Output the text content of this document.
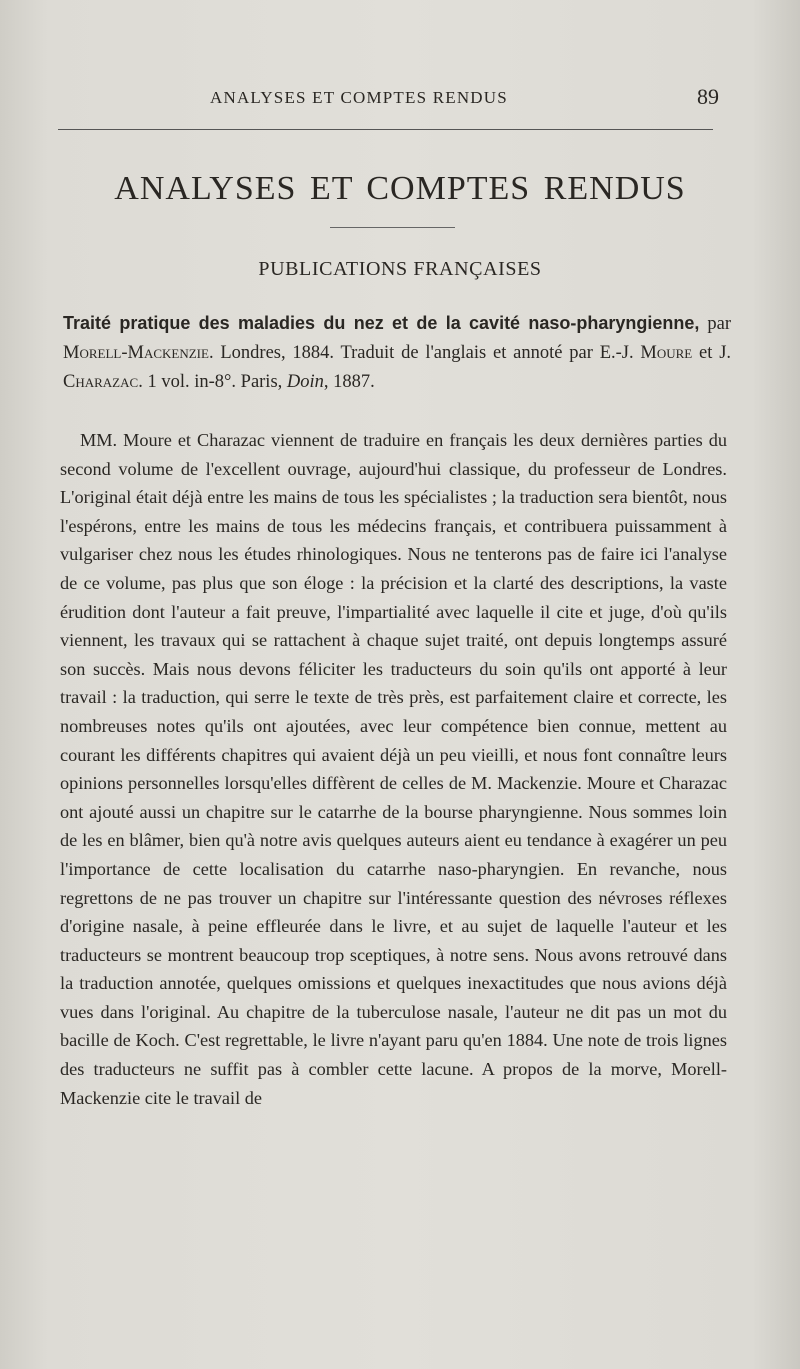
ANALYSES ET COMPTES RENDUS	89
ANALYSES ET COMPTES RENDUS
PUBLICATIONS FRANÇAISES
Traité pratique des maladies du nez et de la cavité naso-pharyngienne, par Morell-Mackenzie. Londres, 1884. Traduit de l'anglais et annoté par E.-J. Moure et J. Charazac. 1 vol. in-8°. Paris, Doin, 1887.

MM. Moure et Charazac viennent de traduire en français les deux dernières parties du second volume de l'excellent ouvrage, aujourd'hui classique, du professeur de Londres. L'original était déjà entre les mains de tous les spécialistes ; la traduction sera bientôt, nous l'espérons, entre les mains de tous les médecins français, et contribuera puissamment à vulgariser chez nous les études rhinologiques. Nous ne tenterons pas de faire ici l'analyse de ce volume, pas plus que son éloge : la précision et la clarté des descriptions, la vaste érudition dont l'auteur a fait preuve, l'impartialité avec laquelle il cite et juge, d'où qu'ils viennent, les travaux qui se rattachent à chaque sujet traité, ont depuis longtemps assuré son succès. Mais nous devons féliciter les traducteurs du soin qu'ils ont apporté à leur travail : la traduction, qui serre le texte de très près, est parfaitement claire et correcte, les nombreuses notes qu'ils ont ajoutées, avec leur compétence bien connue, mettent au courant les différents chapitres qui avaient déjà un peu vieilli, et nous font connaître leurs opinions personnelles lorsqu'elles diffèrent de celles de M. Mackenzie. Moure et Charazac ont ajouté aussi un chapitre sur le catarrhe de la bourse pharyngienne. Nous sommes loin de les en blâmer, bien qu'à notre avis quelques auteurs aient eu tendance à exagérer un peu l'importance de cette localisation du catarrhe naso-pharyngien. En revanche, nous regrettons de ne pas trouver un chapitre sur l'intéressante question des névroses réflexes d'origine nasale, à peine effleurée dans le livre, et au sujet de laquelle l'auteur et les traducteurs se montrent beaucoup trop sceptiques, à notre sens. Nous avons retrouvé dans la traduction annotée, quelques omissions et quelques inexactitudes que nous avions déjà vues dans l'original. Au chapitre de la tuberculose nasale, l'auteur ne dit pas un mot du bacille de Koch. C'est regrettable, le livre n'ayant paru qu'en 1884. Une note de trois lignes des traducteurs ne suffit pas à combler cette lacune. A propos de la morve, Morell-Mackenzie cite le travail de
